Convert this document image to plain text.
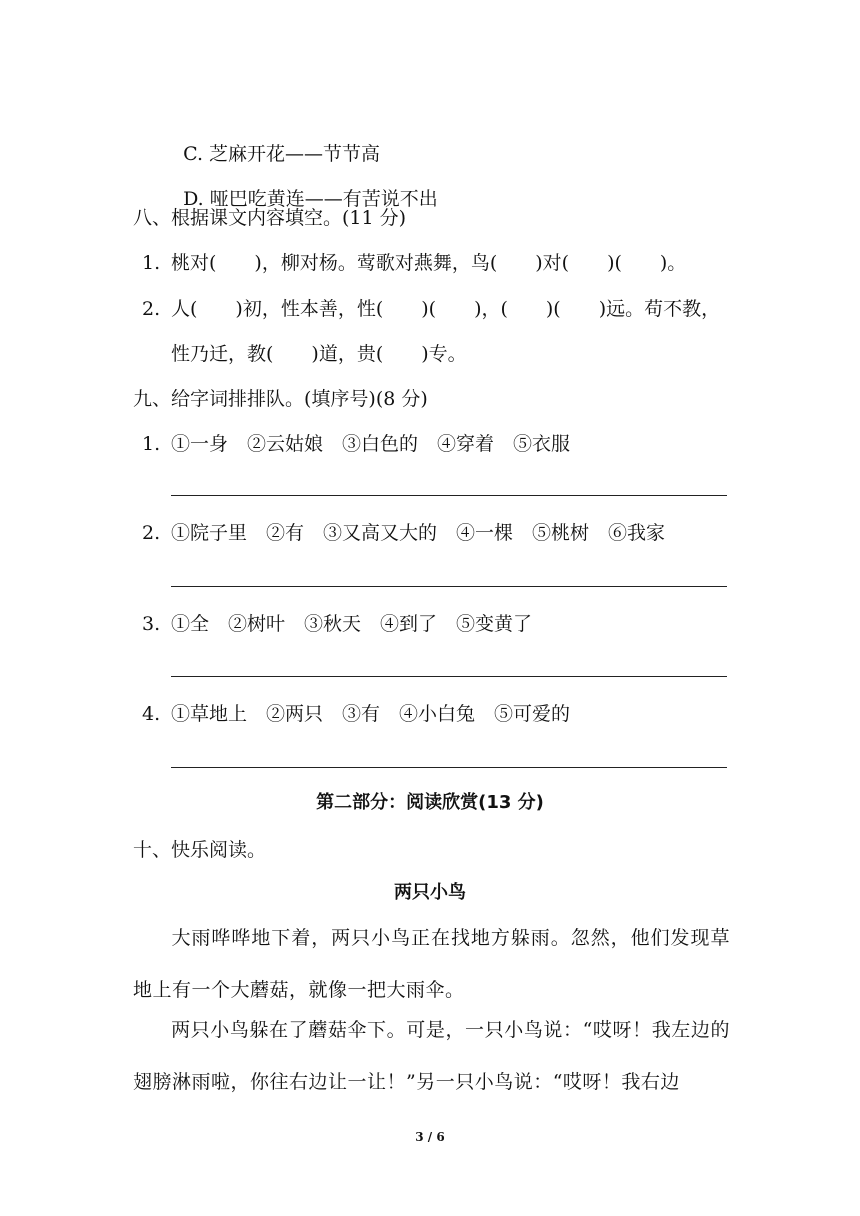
C. 芝麻开花——节节高

D. 哑巴吃黄连——有苦说不出

八、根据课文内容填空。(11 分)
1. 桃对(　　)，柳对杨。莺歌对燕舞，鸟(　　)对(　　)(　　)。
2. 人(　　)初，性本善，性(　　)(　　)，(　　)(　　)远。苟不教，
性乃迁，教(　　)道，贵(　　)专。
九、给字词排排队。(填序号)(8 分)
1. ①一身　②云姑娘　③白色的　④穿着　⑤衣服
2. ①院子里　②有　③又高又大的　④一棵　⑤桃树　⑥我家
3. ①全　②树叶　③秋天　④到了　⑤变黄了
4. ①草地上　②两只　③有　④小白兔　⑤可爱的
第二部分：阅读欣赏(13 分)
十、快乐阅读。
两只小鸟
大雨哗哗地下着，两只小鸟正在找地方躲雨。忽然，他们发现草地上有一个大蘑菇，就像一把大雨伞。
两只小鸟躲在了蘑菇伞下。可是，一只小鸟说：“哎呀！我左边的翅膀淋雨啦，你往右边让一让！”另一只小鸟说：“哎呀！我右边
3 / 6
